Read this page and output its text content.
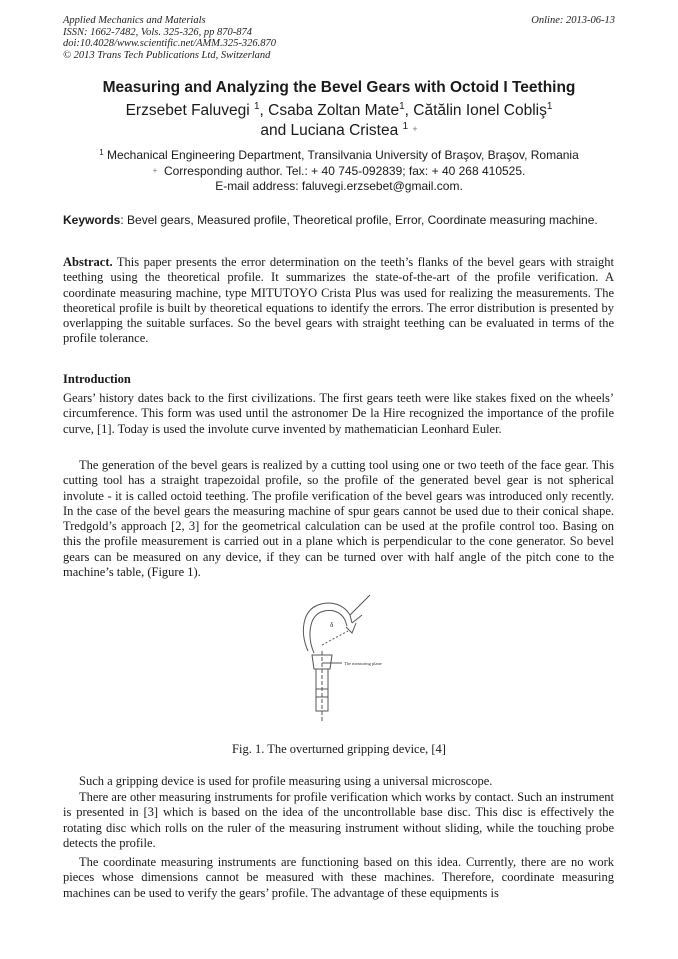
Applied Mechanics and Materials
ISSN: 1662-7482, Vols. 325-326, pp 870-874
doi:10.4028/www.scientific.net/AMM.325-326.870
© 2013 Trans Tech Publications Ltd, Switzerland
Online: 2013-06-13
Measuring and Analyzing the Bevel Gears with Octoid I Teething
Erzsebet Faluvegi $^1$, Csaba Zoltan Mate$^1$, Cătălin Ionel Cobliş$^1$
and Luciana Cristea $^1$ +
$^1$ Mechanical Engineering Department, Transilvania University of Braşov, Braşov, Romania
+ Corresponding author. Tel.: + 40 745-092839; fax: + 40 268 410525.
E-mail address: faluvegi.erzsebet@gmail.com.
Keywords: Bevel gears, Measured profile, Theoretical profile, Error, Coordinate measuring machine.
Abstract. This paper presents the error determination on the teeth’s flanks of the bevel gears with straight teething using the theoretical profile. It summarizes the state-of-the-art of the profile verification. A coordinate measuring machine, type MITUTOYO Crista Plus was used for realizing the measurements. The theoretical profile is built by theoretical equations to identify the errors. The error distribution is presented by overlapping the suitable surfaces. So the bevel gears with straight teething can be evaluated in terms of the profile tolerance.
Introduction
Gears’ history dates back to the first civilizations. The first gears teeth were like stakes fixed on the wheels’ circumference. This form was used until the astronomer De la Hire recognized the importance of the profile curve, [1]. Today is used the involute curve invented by mathematician Leonhard Euler.
The generation of the bevel gears is realized by a cutting tool using one or two teeth of the face gear. This cutting tool has a straight trapezoidal profile, so the profile of the generated bevel gear is not spherical involute - it is called octoid teething. The profile verification of the bevel gears was introduced only recently. In the case of the bevel gears the measuring machine of spur gears cannot be used due to their conical shape. Tredgold’s approach [2, 3] for the geometrical calculation can be used at the profile control too. Basing on this the profile measurement is carried out in a plane which is perpendicular to the cone generator. So bevel gears can be measured on any device, if they can be turned over with half angle of the pitch cone to the machine’s table, (Figure 1).
δ
The measuring plane
Fig. 1. The overturned gripping device, [4]
Such a gripping device is used for profile measuring using a universal microscope.
There are other measuring instruments for profile verification which works by contact. Such an instrument is presented in [3] which is based on the idea of the uncontrollable base disc. This disc is effectively the rotating disc which rolls on the ruler of the measuring instrument without sliding, while the touching probe detects the profile.
The coordinate measuring instruments are functioning based on this idea. Currently, there are no work pieces whose dimensions cannot be measured with these machines. Therefore, coordinate measuring machines can be used to verify the gears’ profile. The advantage of these equipments is
